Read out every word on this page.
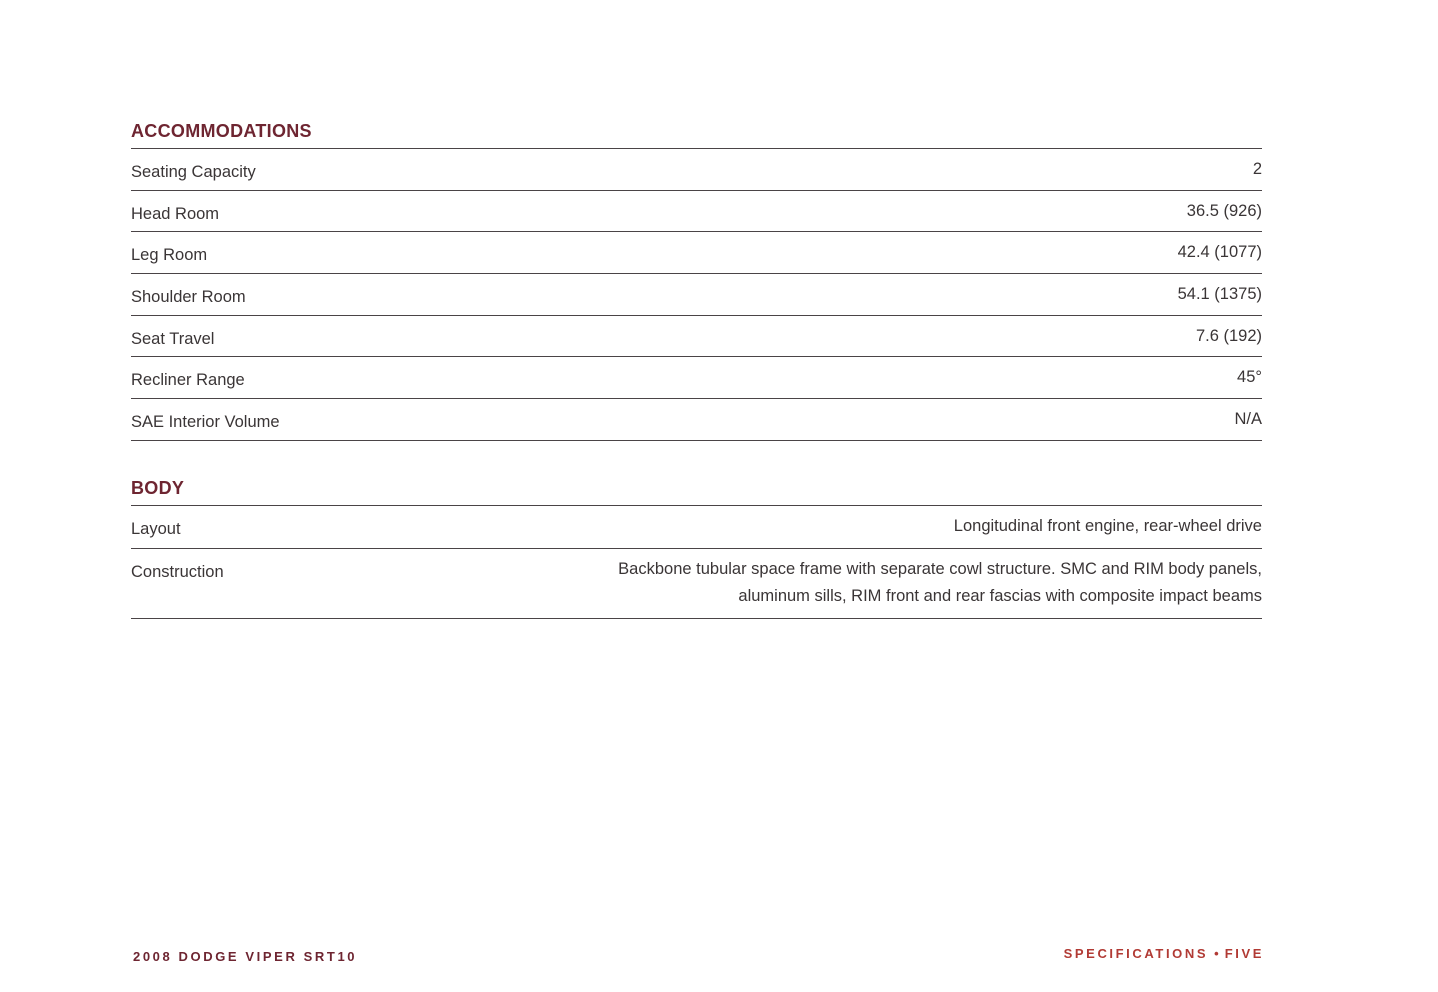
ACCOMMODATIONS
Seating Capacity	2
Head Room	36.5 (926)
Leg Room	42.4 (1077)
Shoulder Room	54.1 (1375)
Seat Travel	7.6 (192)
Recliner Range	45°
SAE Interior Volume	N/A
BODY
Layout	Longitudinal front engine, rear-wheel drive
Construction	Backbone tubular space frame with separate cowl structure. SMC and RIM body panels, aluminum sills, RIM front and rear fascias with composite impact beams
2008 DODGE VIPER SRT10	SPECIFICATIONS • FIVE
